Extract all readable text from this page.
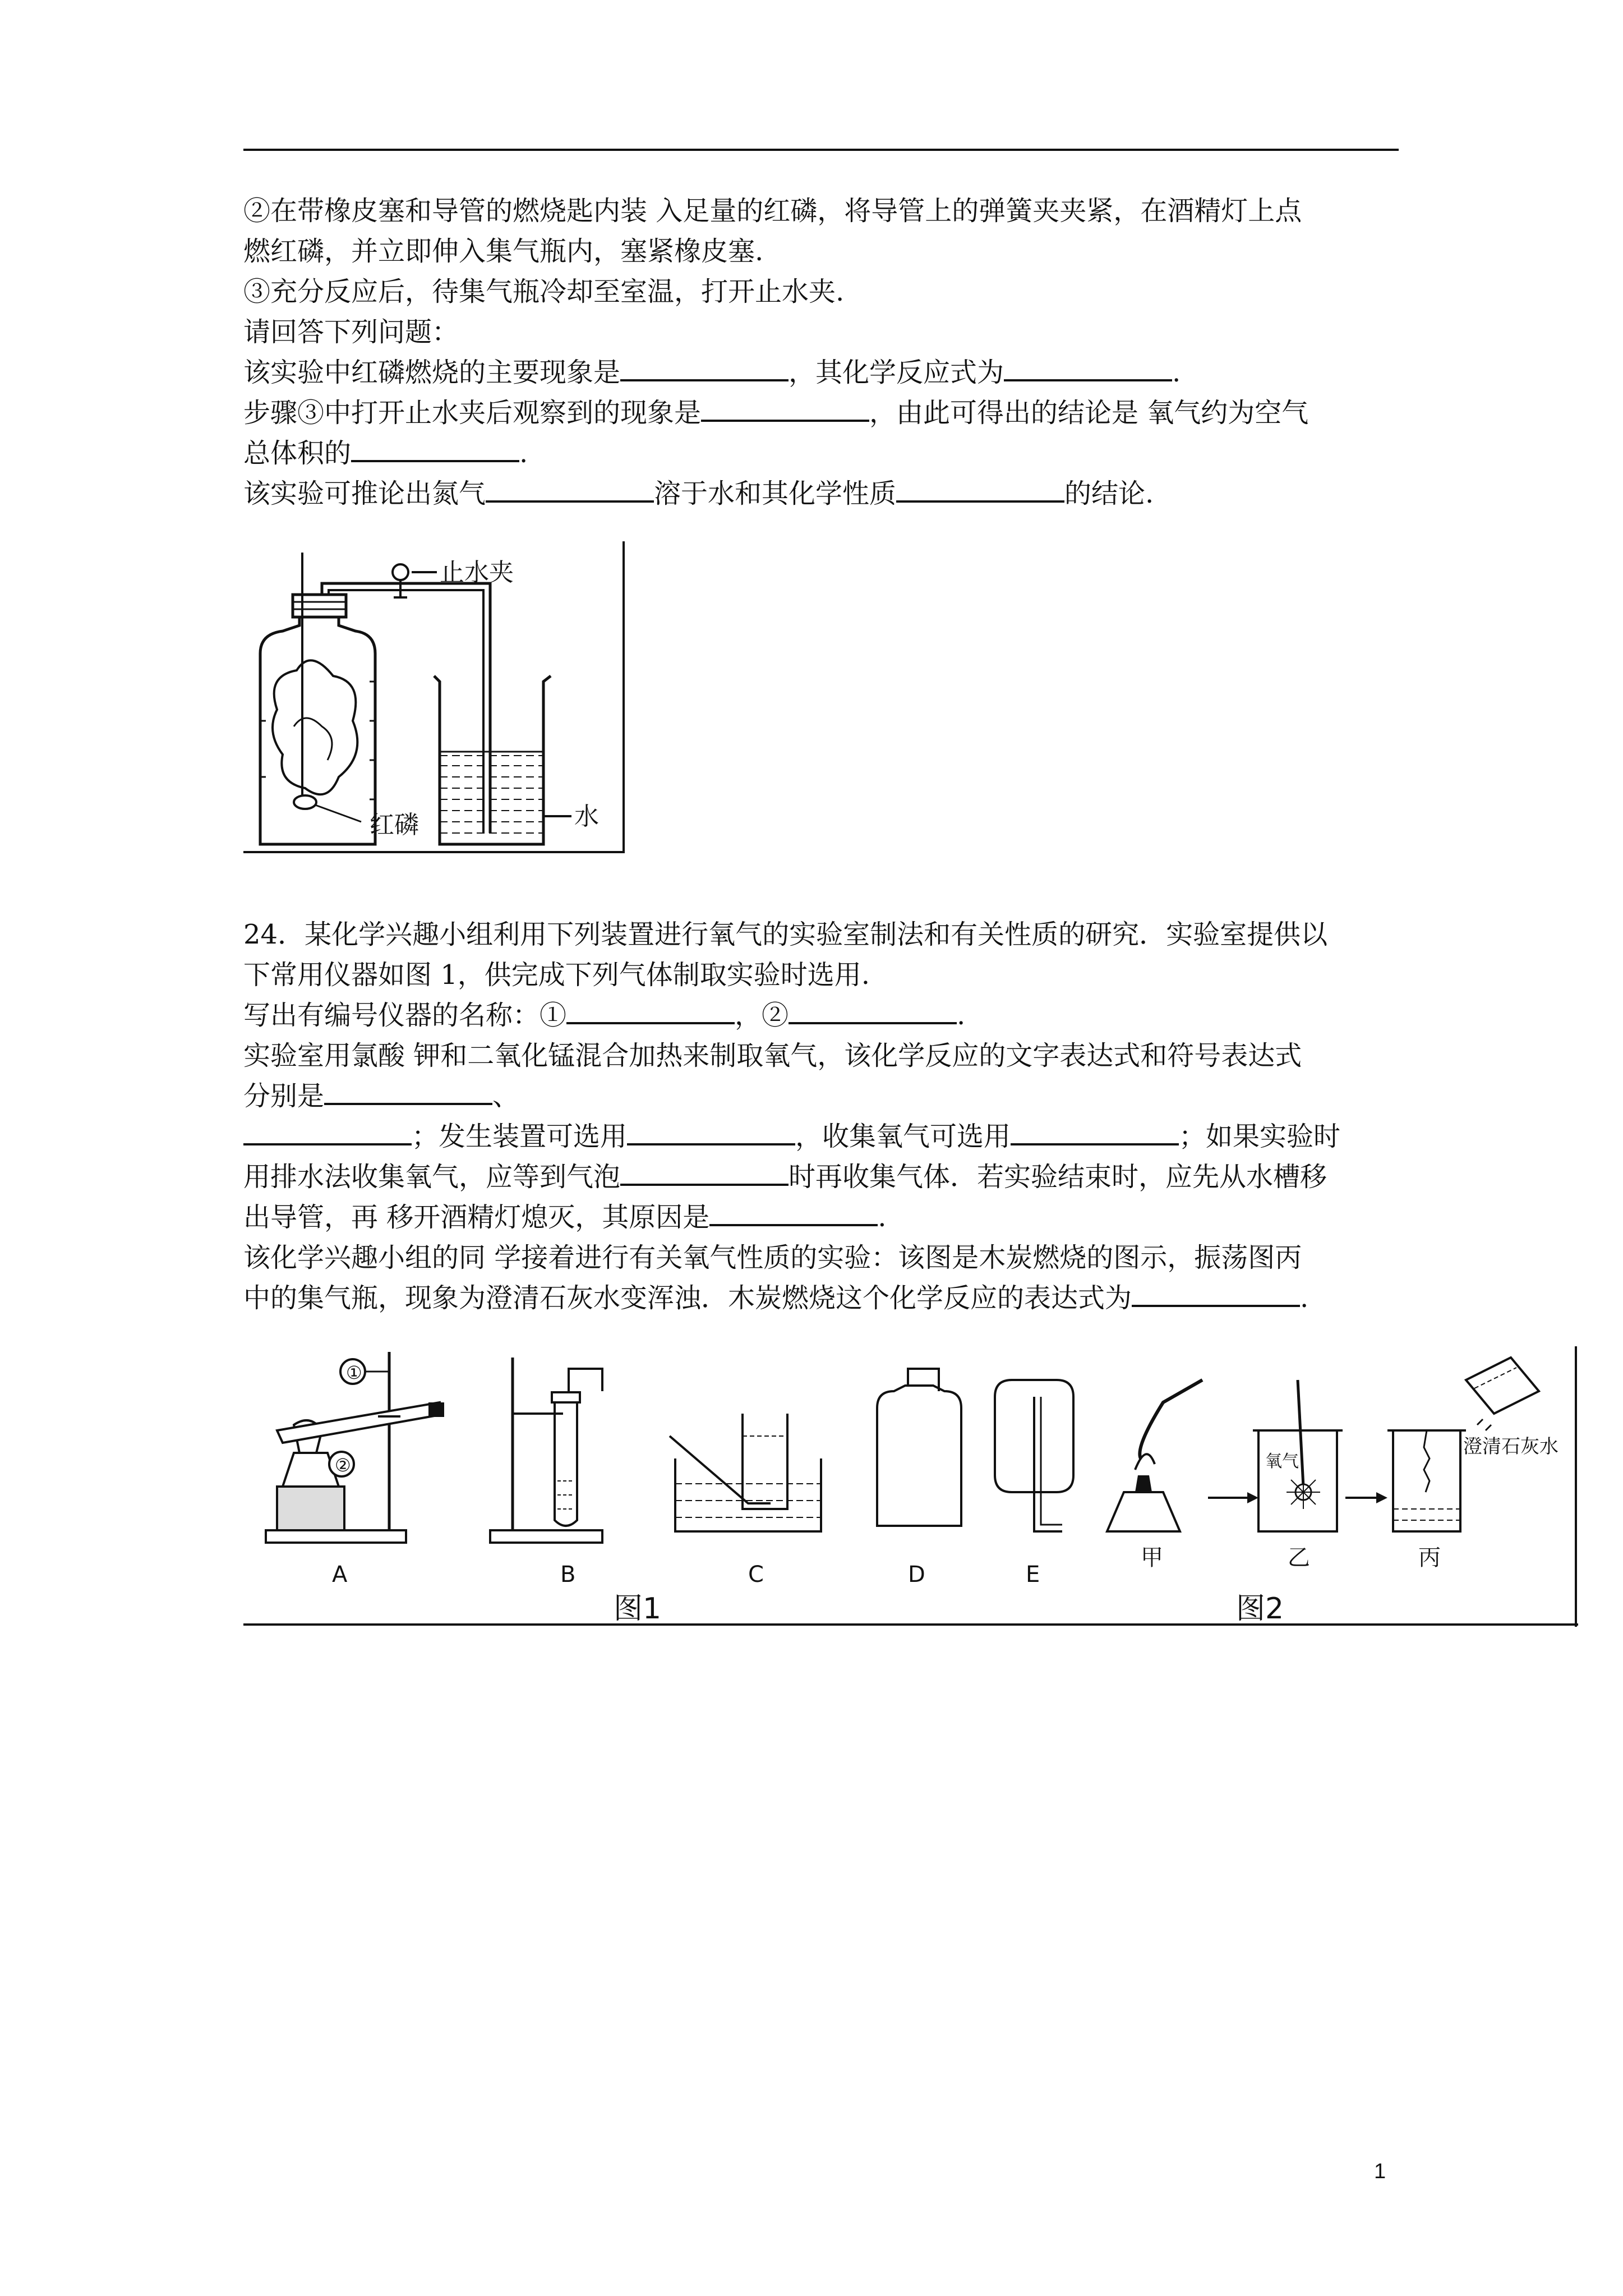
②在带橡皮塞和导管的燃烧匙内装 入足量的红磷，将导管上的弹簧夹夹紧，在酒精灯上点
燃红磷，并立即伸入集气瓶内，塞紧橡皮塞.
③充分反应后，待集气瓶冷却至室温，打开止水夹.
请回答下列问题：
该实验中红磷燃烧的主要现象是	，其化学反应式为	.
步骤③中打开止水夹后观察到的现象是	，由此可得出的结论是 氧气约为空气
总体积的	.
该实验可推论出氮气	溶于水和其化学性质	的结论.
止水夹
红磷	水
24．某化学兴趣小组利用下列装置进行氧气的实验室制法和有关性质的研究．实验室提供以
下常用仪器如图 1，供完成下列气体制取实验时选用.
写出有编号仪器的名称：①	，②	.
实验室用氯酸 钾和二氧化锰混合加热来制取氧气，该化学反应的文字表达式和符号表达式
分别是	、
；发生装置可选用	，收集氧气可选用	；如果实验时
用排水法收集氧气，应等到气泡	时再收集气体．若实验结束时，应先从水槽移
出导管，再 移开酒精灯熄灭，其原因是	.
该化学兴趣小组的同 学接着进行有关氧气性质的实验：该图是木炭燃烧的图示，振荡图丙
中的集气瓶，现象为澄清石灰水变浑浊．木炭燃烧这个化学反应的表达式为	.
①
②
A	B	C	D	E
图1
甲
氧气
乙	丙
澄清石灰水
图2
1
